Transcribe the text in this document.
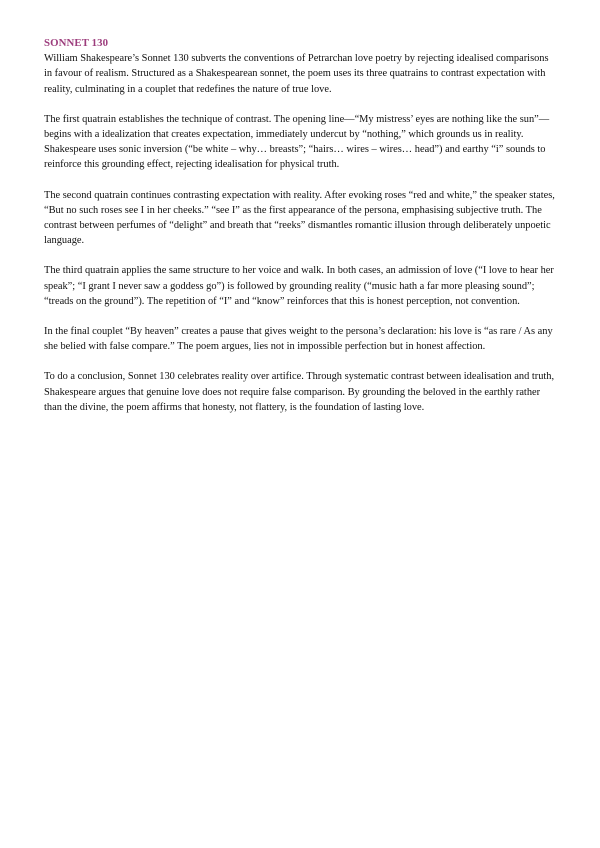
SONNET 130

William Shakespeare’s Sonnet 130 subverts the conventions of Petrarchan love poetry by rejecting idealised comparisons in favour of realism. Structured as a Shakespearean sonnet, the poem uses its three quatrains to contrast expectation with reality, culminating in a couplet that redefines the nature of true love.

The first quatrain establishes the technique of contrast. The opening line—“My mistress’ eyes are nothing like the sun”—begins with a idealization that creates expectation, immediately undercut by “nothing,” which grounds us in reality. Shakespeare uses sonic inversion (“be white – why… breasts”; “hairs… wires – wires… head”) and earthy “i” sounds to reinforce this grounding effect, rejecting idealisation for physical truth.

The second quatrain continues contrasting expectation with reality. After evoking roses “red and white,” the speaker states, “But no such roses see I in her cheeks.” “see I” as the first appearance of the persona, emphasising subjective truth. The contrast between perfumes of “delight” and breath that “reeks” dismantles romantic illusion through deliberately unpoetic language.

The third quatrain applies the same structure to her voice and walk. In both cases, an admission of love (“I love to hear her speak”; “I grant I never saw a goddess go”) is followed by grounding reality (“music hath a far more pleasing sound”; “treads on the ground”). The repetition of “I” and “know” reinforces that this is honest perception, not convention.

In the final couplet “By heaven” creates a pause that gives weight to the persona’s declaration: his love is “as rare / As any she belied with false compare.” The poem argues, lies not in impossible perfection but in honest affection.

To do a conclusion, Sonnet 130 celebrates reality over artifice. Through systematic contrast between idealisation and truth, Shakespeare argues that genuine love does not require false comparison. By grounding the beloved in the earthly rather than the divine, the poem affirms that honesty, not flattery, is the foundation of lasting love.
